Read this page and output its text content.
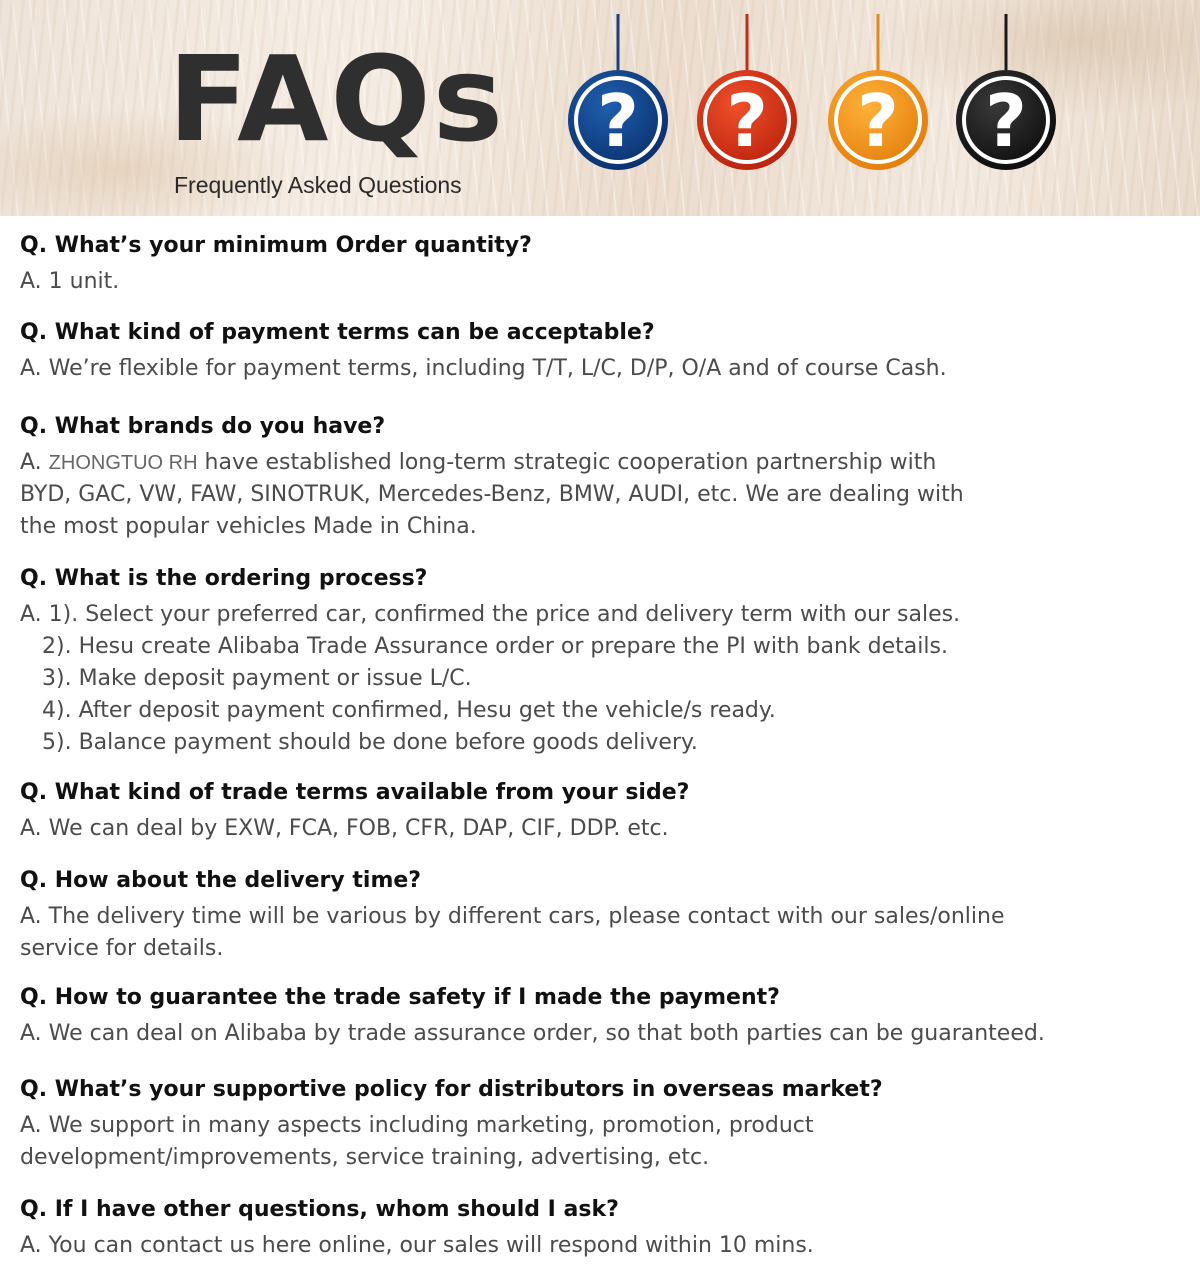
FAQs
Frequently Asked Questions
? ? ? ?
Q. What’s your minimum Order quantity?
A. 1 unit.
Q. What kind of payment terms can be acceptable?
A. We’re flexible for payment terms, including T/T, L/C, D/P, O/A and of course Cash.
Q. What brands do you have?
A. ZHONGTUO RH have established long-term strategic cooperation partnership with
BYD, GAC, VW, FAW, SINOTRUK, Mercedes-Benz, BMW, AUDI, etc. We are dealing with
the most popular vehicles Made in China.
Q. What is the ordering process?
A. 1). Select your preferred car, confirmed the price and delivery term with our sales.
2). Hesu create Alibaba Trade Assurance order or prepare the PI with bank details.
3). Make deposit payment or issue L/C.
4). After deposit payment confirmed, Hesu get the vehicle/s ready.
5). Balance payment should be done before goods delivery.
Q. What kind of trade terms available from your side?
A. We can deal by EXW, FCA, FOB, CFR, DAP, CIF, DDP. etc.
Q. How about the delivery time?
A. The delivery time will be various by different cars, please contact with our sales/online
service for details.
Q. How to guarantee the trade safety if I made the payment?
A. We can deal on Alibaba by trade assurance order, so that both parties can be guaranteed.
Q. What’s your supportive policy for distributors in overseas market?
A. We support in many aspects including marketing, promotion, product
development/improvements, service training, advertising, etc.
Q. If I have other questions, whom should I ask?
A. You can contact us here online, our sales will respond within 10 mins.
